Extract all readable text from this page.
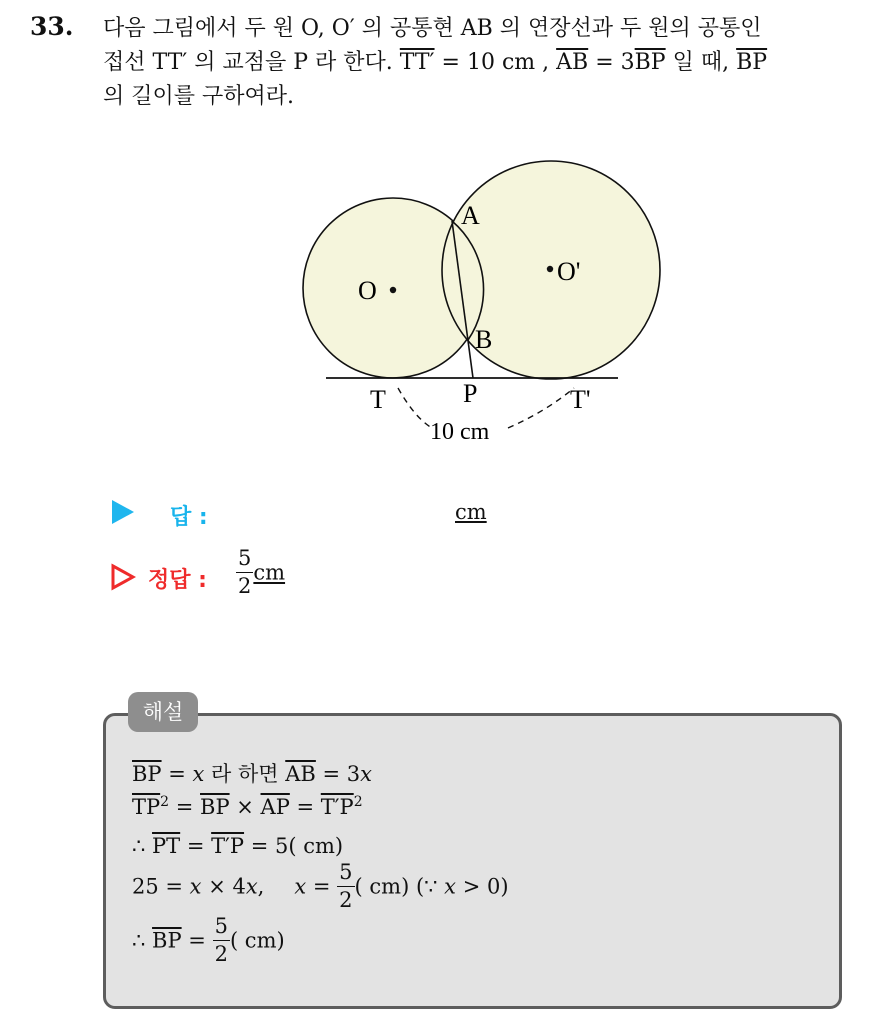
33. 다음 그림에서 두 원 O, O′ 의 공통현 AB 의 연장선과 두 원의 공통인
접선 TT′ 의 교점을 P 라 한다. TT′ = 10 cm , $\overline{AB} = 3\overline{BP}$ 일 때, $\overline{BP}$
의 길이를 구하여라.
A
B
O
O'
T	P	T'
10 cm
답 :	cm
정답 : $\frac{5}{2}$ cm
$\overline{BP} = x$ 라 하면 $\overline{AB} = 3x$
$\overline{TP}^2 = \overline{BP} \times \overline{AP} = T'P^2$
∴ $\overline{PT} = T'P = 5$( cm)
25 = x × 4x, $x = \frac{5}{2}$ ( cm) (∵ x > 0)
∴ $\overline{BP} = \frac{5}{2}$ ( cm)
해설
